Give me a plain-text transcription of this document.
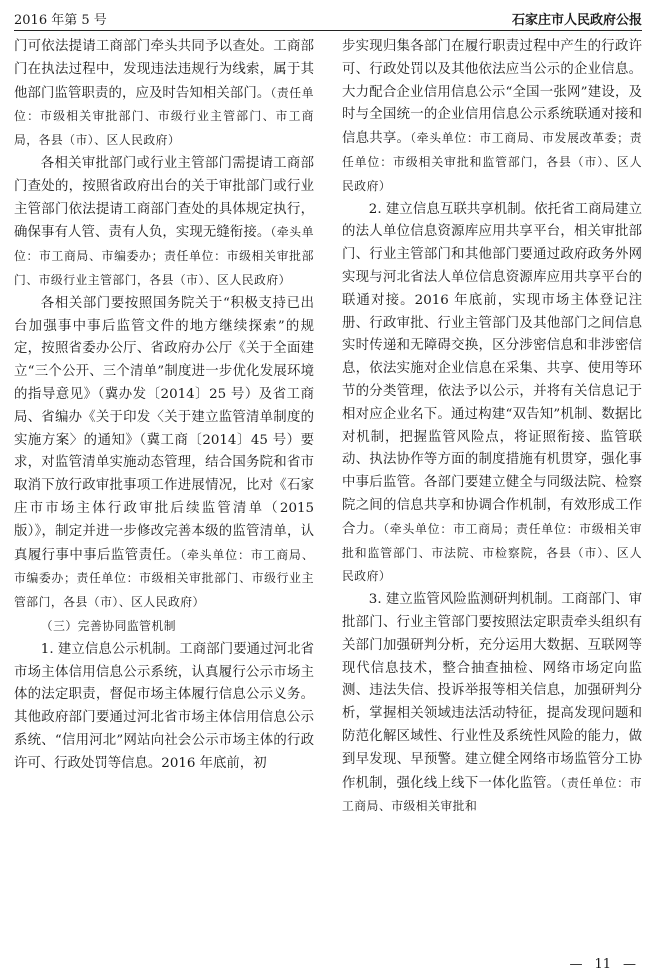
2016 年第 5 号	石家庄市人民政府公报

门可依法提请工商部门牵头共同予以查处。工商部门在执法过程中，发现违法违规行为线索，属于其他部门监管职责的，应及时告知相关部门。（责任单位：市级相关审批部门、市级行业主管部门、市工商局，各县（市）、区人民政府）

各相关审批部门或行业主管部门需提请工商部门查处的，按照省政府出台的关于审批部门或行业主管部门依法提请工商部门查处的具体规定执行，确保事有人管、责有人负，实现无缝衔接。（牵头单位：市工商局、市编委办；责任单位：市级相关审批部门、市级行业主管部门，各县（市）、区人民政府）

各相关部门要按照国务院关于“积极支持已出台加强事中事后监管文件的地方继续探索”的规定，按照省委办公厅、省政府办公厅《关于全面建立“三个公开、三个清单”制度进一步优化发展环境的指导意见》（冀办发〔2014〕25 号）及省工商局、省编办《关于印发〈关于建立监管清单制度的实施方案〉的通知》（冀工商〔2014〕45 号）要求，对监管清单实施动态管理，结合国务院和省市取消下放行政审批事项工作进展情况，比对《石家庄市市场主体行政审批后续监管清单（2015 版）》，制定并进一步修改完善本级的监管清单，认真履行事中事后监管责任。（牵头单位：市工商局、市编委办；责任单位：市级相关审批部门、市级行业主管部门，各县（市）、区人民政府）

（三）完善协同监管机制

1. 建立信息公示机制。工商部门要通过河北省市场主体信用信息公示系统，认真履行公示市场主体的法定职责，督促市场主体履行信息公示义务。其他政府部门要通过河北省市场主体信用信息公示系统、“信用河北”网站向社会公示市场主体的行政许可、行政处罚等信息。2016 年底前，初

步实现归集各部门在履行职责过程中产生的行政许可、行政处罚以及其他依法应当公示的企业信息。大力配合企业信用信息公示“全国一张网”建设，及时与全国统一的企业信用信息公示系统联通对接和信息共享。（牵头单位：市工商局、市发展改革委；责任单位：市级相关审批和监管部门，各县（市）、区人民政府）

2. 建立信息互联共享机制。依托省工商局建立的法人单位信息资源库应用共享平台，相关审批部门、行业主管部门和其他部门要通过政府政务外网实现与河北省法人单位信息资源库应用共享平台的联通对接。2016 年底前，实现市场主体登记注册、行政审批、行业主管部门及其他部门之间信息实时传递和无障碍交换，区分涉密信息和非涉密信息，依法实施对企业信息在采集、共享、使用等环节的分类管理，依法予以公示，并将有关信息记于相对应企业名下。通过构建“双告知”机制、数据比对机制，把握监管风险点，将证照衔接、监管联动、执法协作等方面的制度措施有机贯穿，强化事中事后监管。各部门要建立健全与同级法院、检察院之间的信息共享和协调合作机制，有效形成工作合力。（牵头单位：市工商局；责任单位：市级相关审批和监管部门、市法院、市检察院，各县（市）、区人民政府）

3. 建立监管风险监测研判机制。工商部门、审批部门、行业主管部门要按照法定职责牵头组织有关部门加强研判分析，充分运用大数据、互联网等现代信息技术，整合抽查抽检、网络市场定向监测、违法失信、投诉举报等相关信息，加强研判分析，掌握相关领域违法活动特征，提高发现问题和防范化解区域性、行业性及系统性风险的能力，做到早发现、早预警。建立健全网络市场监管分工协作机制，强化线上线下一体化监管。（责任单位：市工商局、市级相关审批和

— 11 —
